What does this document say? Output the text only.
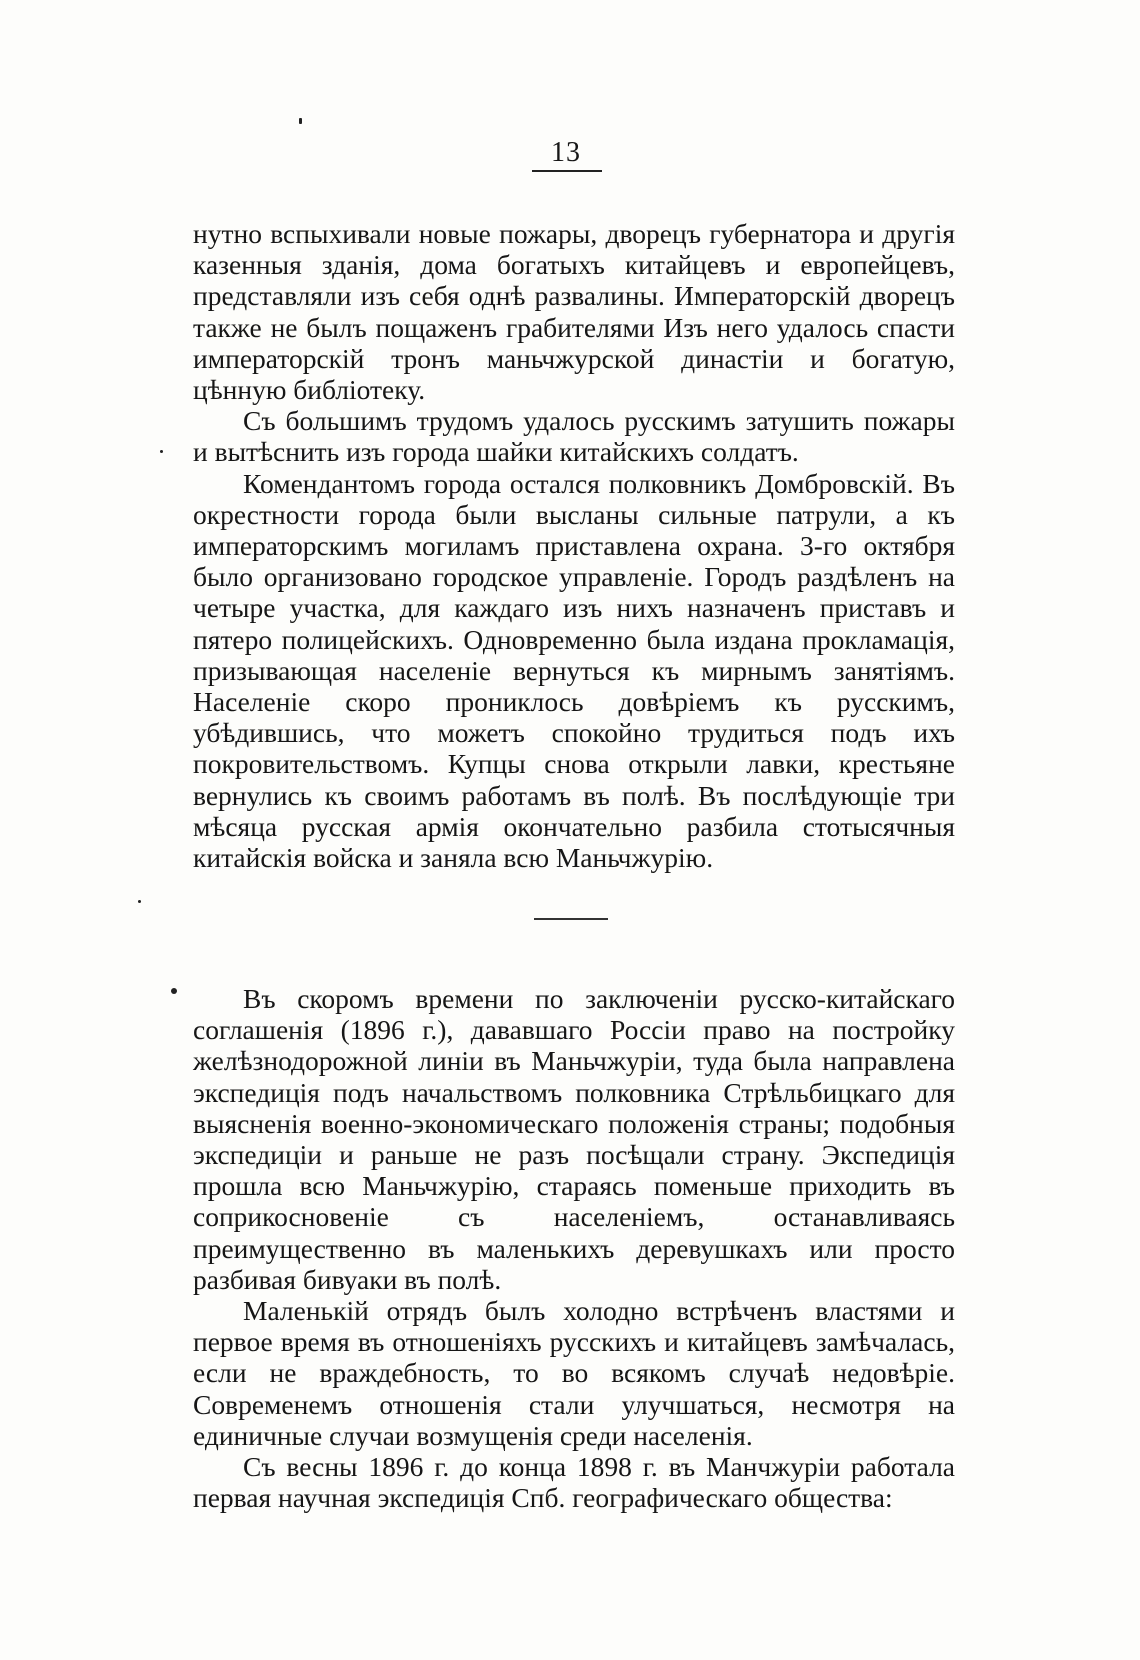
13

нутно вспыхивали новые пожары, дворецъ губернатора и другія казенныя зданія, дома богатыхъ китайцевъ и европейцевъ, представляли изъ себя однѣ развалины. Императорскій дворецъ также не былъ пощаженъ грабителями Изъ него удалось спасти императорскій тронъ маньчжурской династіи и богатую, цѣнную библіотеку.

Съ большимъ трудомъ удалось русскимъ затушить пожары и вытѣснить изъ города шайки китайскихъ солдатъ.

Комендантомъ города остался полковникъ Домбровскій. Въ окрестности города были высланы сильные патрули, а къ императорскимъ могиламъ приставлена охрана. 3-го октября было организовано городское управленіе. Городъ раздѣленъ на четыре участка, для каждаго изъ нихъ назначенъ приставъ и пятеро полицейскихъ. Одновременно была издана прокламація, призывающая населеніе вернуться къ мирнымъ занятіямъ. Населеніе скоро прониклось довѣріемъ къ русскимъ, убѣдившись, что можетъ спокойно трудиться подъ ихъ покровительствомъ. Купцы снова открыли лавки, крестьяне вернулись къ своимъ работамъ въ полѣ. Въ послѣдующіе три мѣсяца русская армія окончательно разбила стотысячныя китайскія войска и заняла всю Маньчжурію.

Въ скоромъ времени по заключеніи русско-китайскаго соглашенія (1896 г.), дававшаго Россіи право на постройку желѣзнодорожной линіи въ Маньчжуріи, туда была направлена экспедиція подъ начальствомъ полковника Стрѣльбицкаго для выясненія военно-экономическаго положенія страны; подобныя экспедиціи и раньше не разъ посѣщали страну. Экспедиція прошла всю Маньчжурію, стараясь поменьше приходить въ соприкосновеніе съ населеніемъ, останавливаясь преимущественно въ маленькихъ деревушкахъ или просто разбивая бивуаки въ полѣ.

Маленькій отрядъ былъ холодно встрѣченъ властями и первое время въ отношеніяхъ русскихъ и китайцевъ замѣчалась, если не враждебность, то во всякомъ случаѣ недовѣріе. Современемъ отношенія стали улучшаться, несмотря на единичные случаи возмущенія среди населенія.

Съ весны 1896 г. до конца 1898 г. въ Манчжуріи работала первая научная экспедиція Спб. географическаго общества:
